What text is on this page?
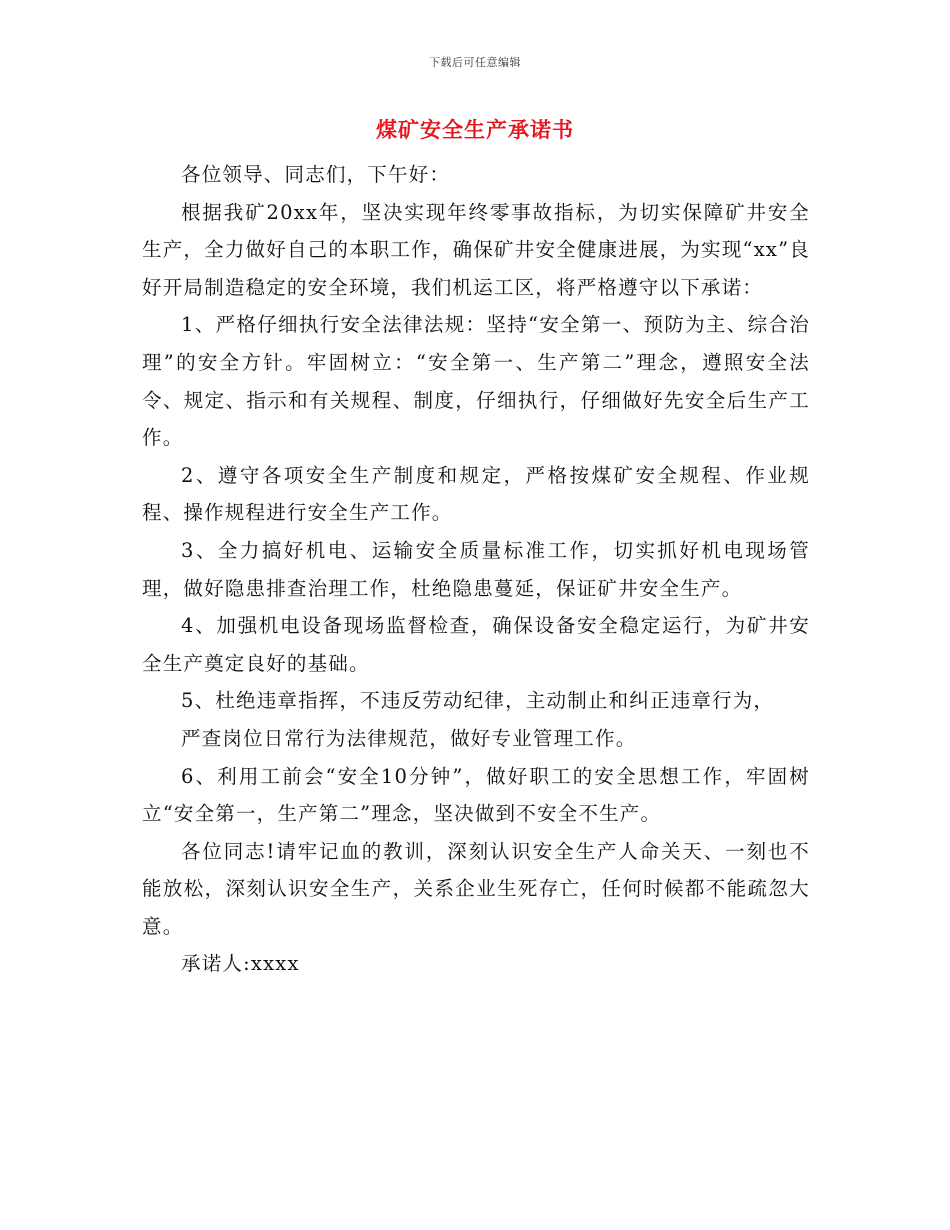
下载后可任意编辑
煤矿安全生产承诺书

各位领导、同志们，下午好：

根据我矿20xx年，坚决实现年终零事故指标，为切实保障矿井安全生产，全力做好自己的本职工作，确保矿井安全健康进展，为实现“xx”良好开局制造稳定的安全环境，我们机运工区，将严格遵守以下承诺：

1、严格仔细执行安全法律法规：坚持“安全第一、预防为主、综合治理”的安全方针。牢固树立：“安全第一、生产第二”理念，遵照安全法令、规定、指示和有关规程、制度，仔细执行，仔细做好先安全后生产工作。

2、遵守各项安全生产制度和规定，严格按煤矿安全规程、作业规程、操作规程进行安全生产工作。

3、全力搞好机电、运输安全质量标准工作，切实抓好机电现场管理，做好隐患排查治理工作，杜绝隐患蔓延，保证矿井安全生产。

4、加强机电设备现场监督检查，确保设备安全稳定运行，为矿井安全生产奠定良好的基础。

5、杜绝违章指挥，不违反劳动纪律，主动制止和纠正违章行为，

严查岗位日常行为法律规范，做好专业管理工作。

6、利用工前会“安全10分钟”，做好职工的安全思想工作，牢固树立“安全第一，生产第二”理念，坚决做到不安全不生产。

各位同志!请牢记血的教训，深刻认识安全生产人命关天、一刻也不能放松，深刻认识安全生产，关系企业生死存亡，任何时候都不能疏忽大意。

承诺人:xxxx
